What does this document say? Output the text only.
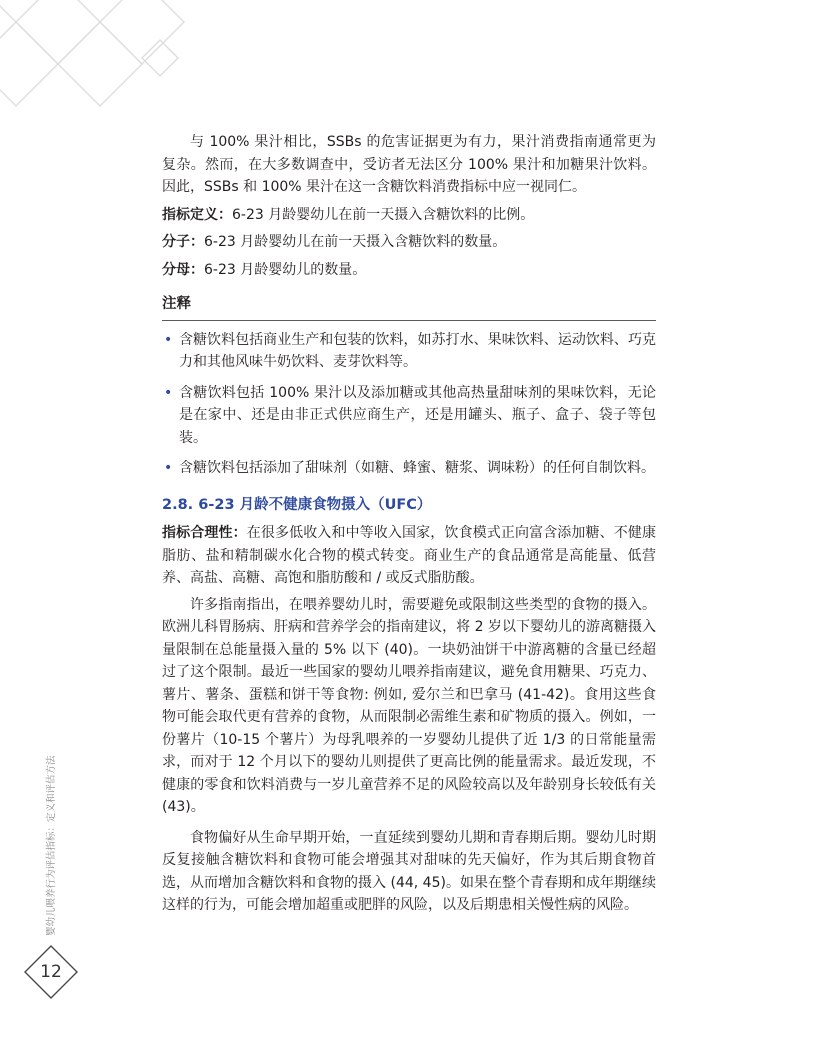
与 100% 果汁相比，SSBs 的危害证据更为有力，果汁消费指南通常更为复杂。然而，在大多数调查中，受访者无法区分 100% 果汁和加糖果汁饮料。因此，SSBs 和 100% 果汁在这一含糖饮料消费指标中应一视同仁。

指标定义：6-23 月龄婴幼儿在前一天摄入含糖饮料的比例。

分子：6-23 月龄婴幼儿在前一天摄入含糖饮料的数量。

分母：6-23 月龄婴幼儿的数量。

注释
• 含糖饮料包括商业生产和包装的饮料，如苏打水、果味饮料、运动饮料、巧克力和其他风味牛奶饮料、麦芽饮料等。
• 含糖饮料包括 100% 果汁以及添加糖或其他高热量甜味剂的果味饮料，无论是在家中、还是由非正式供应商生产，还是用罐头、瓶子、盒子、袋子等包装。
• 含糖饮料包括添加了甜味剂（如糖、蜂蜜、糖浆、调味粉）的任何自制饮料。
2.8. 6-23 月龄不健康食物摄入（UFC）

指标合理性：在很多低收入和中等收入国家，饮食模式正向富含添加糖、不健康脂肪、盐和精制碳水化合物的模式转变。商业生产的食品通常是高能量、低营养、高盐、高糖、高饱和脂肪酸和 / 或反式脂肪酸。

许多指南指出，在喂养婴幼儿时，需要避免或限制这些类型的食物的摄入。欧洲儿科胃肠病、肝病和营养学会的指南建议，将 2 岁以下婴幼儿的游离糖摄入量限制在总能量摄入量的 5% 以下 (40)。一块奶油饼干中游离糖的含量已经超过了这个限制。最近一些国家的婴幼儿喂养指南建议，避免食用糖果、巧克力、薯片、薯条、蛋糕和饼干等食物: 例如, 爱尔兰和巴拿马 (41-42)。食用这些食物可能会取代更有营养的食物，从而限制必需维生素和矿物质的摄入。例如，一份薯片（10-15 个薯片）为母乳喂养的一岁婴幼儿提供了近 1/3 的日常能量需求，而对于 12 个月以下的婴幼儿则提供了更高比例的能量需求。最近发现，不健康的零食和饮料消费与一岁儿童营养不足的风险较高以及年龄别身长较低有关 (43)。

食物偏好从生命早期开始，一直延续到婴幼儿期和青春期后期。婴幼儿时期反复接触含糖饮料和食物可能会增强其对甜味的先天偏好，作为其后期食物首选，从而增加含糖饮料和食物的摄入 (44, 45)。如果在整个青春期和成年期继续这样的行为，可能会增加超重或肥胖的风险，以及后期患相关慢性病的风险。

婴幼儿喂养行为评估指标：定义和评估方法
12
